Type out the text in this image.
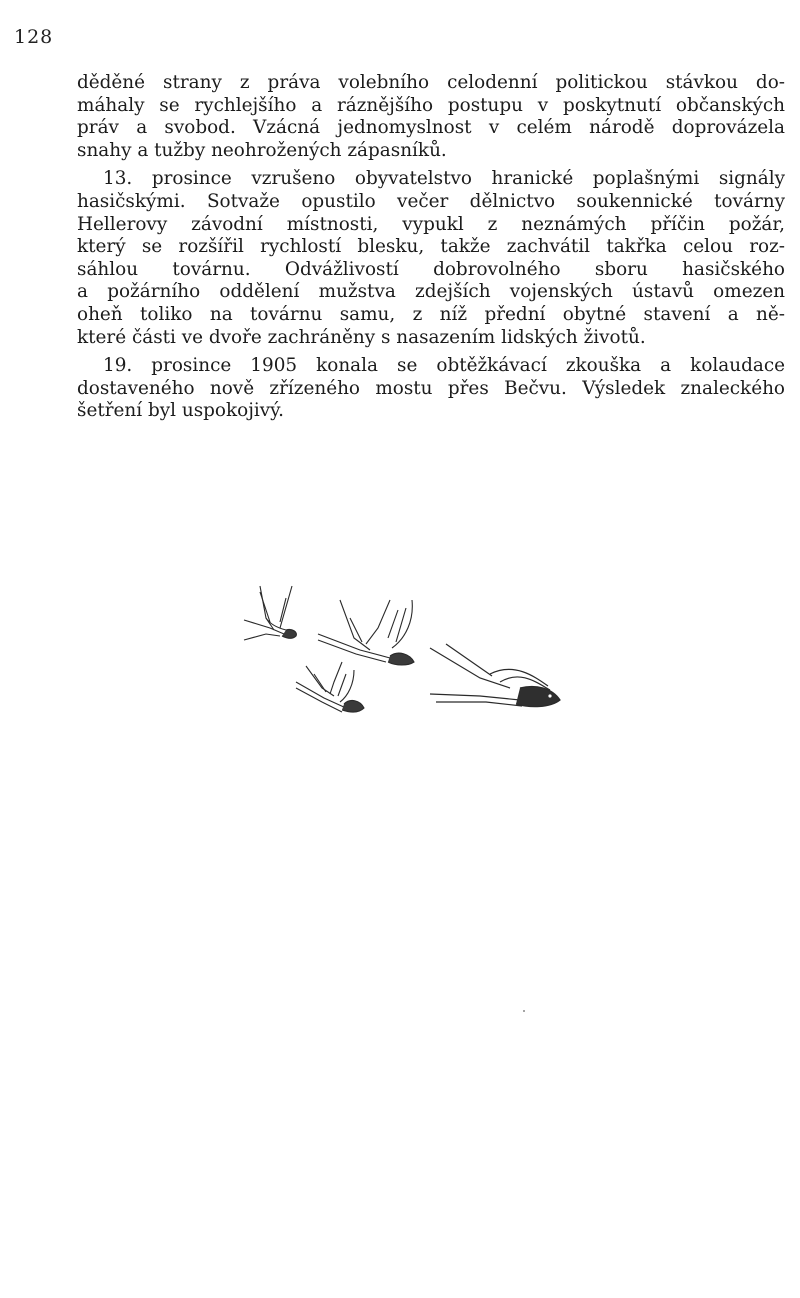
128
děděné strany z práva volebního celodenní politickou stávkou do-
máhaly se rychlejšího a ráznějšího postupu v poskytnutí občanských
práv a svobod. Vzácná jednomyslnost v celém národě doprovázela
snahy a tužby neohrožených zápasníků.
13. prosince vzrušeno obyvatelstvo hranické poplašnými signály
hasičskými. Sotvaže opustilo večer dělnictvo soukennické továrny
Hellerovy závodní místnosti, vypukl z neznámých příčin požár,
který se rozšířil rychlostí blesku, takže zachvátil takřka celou roz-
sáhlou továrnu. Odvážlivostí dobrovolného sboru hasičského
a požárního oddělení mužstva zdejších vojenských ústavů omezen
oheň toliko na továrnu samu, z níž přední obytné stavení a ně-
které části ve dvoře zachráněny s nasazením lidských životů.
19. prosince 1905 konala se obtěžkávací zkouška a kolaudace
dostaveného nově zřízeného mostu přes Bečvu. Výsledek znaleckého
šetření byl uspokojivý.
